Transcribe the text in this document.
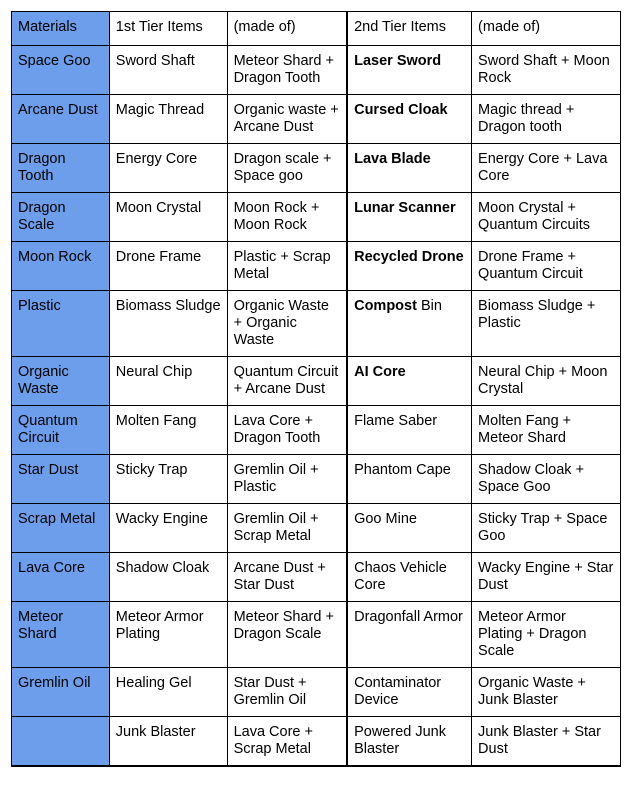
Materials	1st Tier Items	(made of)	2nd Tier Items	(made of)
Space Goo	Sword Shaft	Meteor Shard + Dragon Tooth	Laser Sword	Sword Shaft + Moon Rock
Arcane Dust	Magic Thread	Organic waste + Arcane Dust	Cursed Cloak	Magic thread + Dragon tooth
Dragon Tooth	Energy Core	Dragon scale + Space goo	Lava Blade	Energy Core + Lava Core
Dragon Scale	Moon Crystal	Moon Rock + Moon Rock	Lunar Scanner	Moon Crystal + Quantum Circuits
Moon Rock	Drone Frame	Plastic + Scrap Metal	Recycled Drone	Drone Frame + Quantum Circuit
Plastic	Biomass Sludge	Organic Waste + Organic Waste	Compost Bin	Biomass Sludge + Plastic
Organic Waste	Neural Chip	Quantum Circuit + Arcane Dust	AI Core	Neural Chip + Moon Crystal
Quantum Circuit	Molten Fang	Lava Core + Dragon Tooth	Flame Saber	Molten Fang + Meteor Shard
Star Dust	Sticky Trap	Gremlin Oil + Plastic	Phantom Cape	Shadow Cloak + Space Goo
Scrap Metal	Wacky Engine	Gremlin Oil + Scrap Metal	Goo Mine	Sticky Trap + Space Goo
Lava Core	Shadow Cloak	Arcane Dust + Star Dust	Chaos Vehicle Core	Wacky Engine + Star Dust
Meteor Shard	Meteor Armor Plating	Meteor Shard + Dragon Scale	Dragonfall Armor	Meteor Armor Plating + Dragon Scale
Gremlin Oil	Healing Gel	Star Dust + Gremlin Oil	Contaminator Device	Organic Waste + Junk Blaster
	Junk Blaster	Lava Core + Scrap Metal	Powered Junk Blaster	Junk Blaster + Star Dust
